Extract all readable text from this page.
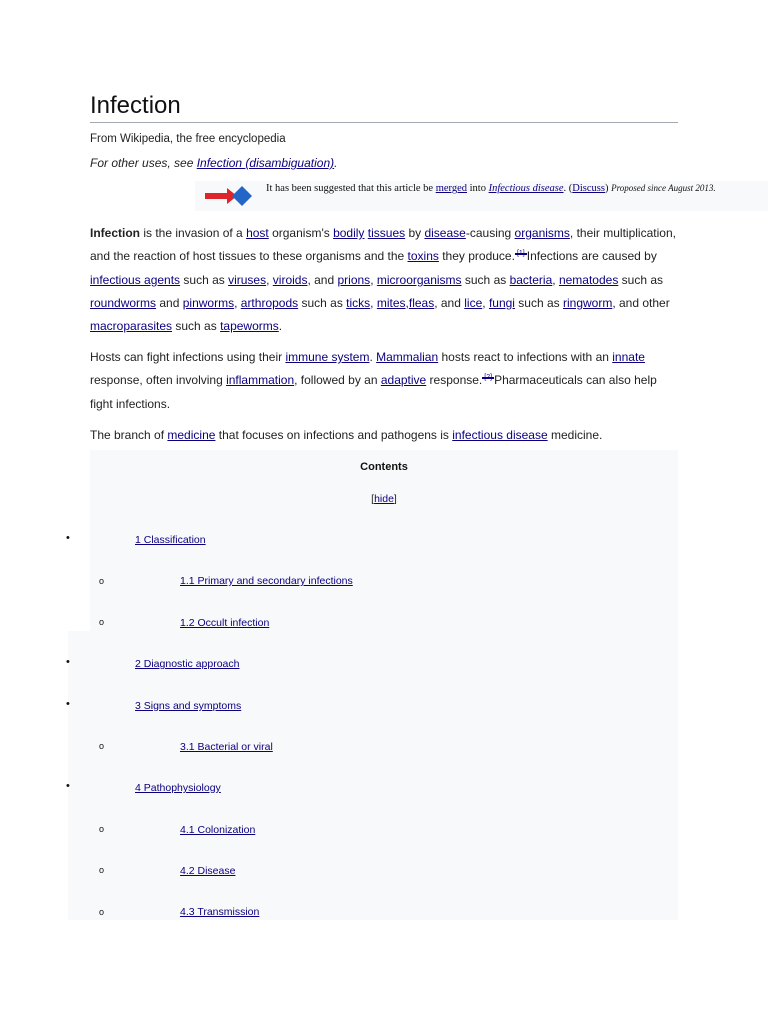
Infection
From Wikipedia, the free encyclopedia
For other uses, see Infection (disambiguation).
It has been suggested that this article be merged into Infectious disease. (Discuss) Proposed since August 2013.

Infection is the invasion of a host organism's bodily tissues by disease-causing organisms, their multiplication, and the reaction of host tissues to these organisms and the toxins they produce. [1] Infections are caused by infectious agents such as viruses, viroids, and prions, microorganisms such as bacteria, nematodes such as roundworms and pinworms, arthropods such as ticks, mites,fleas, and lice, fungi such as ringworm, and other macroparasites such as tapeworms.

Hosts can fight infections using their immune system. Mammalian hosts react to infections with an innate response, often involving inflammation, followed by an adaptive response. [2] Pharmaceuticals can also help fight infections.

The branch of medicine that focuses on infections and pathogens is infectious disease medicine.

Contents
[hide]
•	1 Classification
o	1.1 Primary and secondary infections
o	1.2 Occult infection
•	2 Diagnostic approach
•	3 Signs and symptoms
o	3.1 Bacterial or viral
•	4 Pathophysiology
o	4.1 Colonization
o	4.2 Disease
o	4.3 Transmission
